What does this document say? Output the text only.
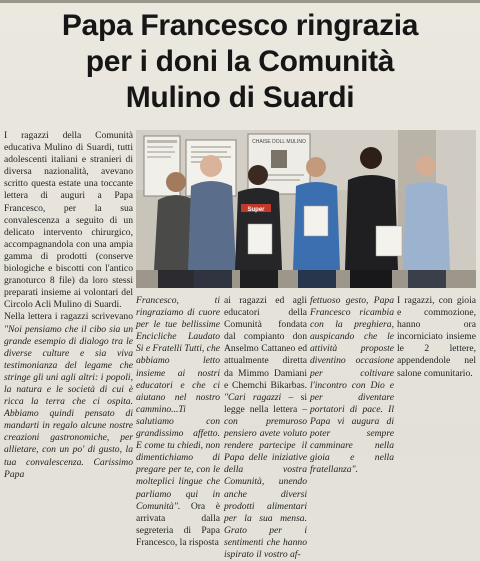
Papa Francesco ringrazia
per i doni la Comunità
Mulino di Suardi

I ragazzi della Comunità educativa Mulino di Suardi, tutti adolescenti italiani e stranieri di diversa nazionalità, avevano scritto questa estate una toccante lettera di auguri a Papa Francesco, per la sua convalescenza a seguito di un delicato intervento chirurgico, accompagnandola con una ampia gamma di prodotti (conserve biologiche e biscotti con l'antico granoturco 8 file) da loro stessi preparati insieme ai volontari del Circolo Acli Mulino di Suardi.

Nella lettera i ragazzi scrivevano "Noi pensiamo che il cibo sia un grande esempio di dialogo tra le diverse culture e sia viva testimonianza del legame che stringe gli uni agli altri: i popoli, la natura e le società di cui è ricca la terra che ci ospita. Abbiamo quindi pensato di mandarti in regalo alcune nostre creazioni gastronomiche, per allietare, con un po' di gusto, la tua convalescenza. Carissimo Papa

CHAISE DOLL MULINO
Super

Francesco, ti ringraziamo di cuore per le tue bellissime Encicliche Laudato Si e Fratelli Tutti, che abbiamo letto insieme ai nostri educatori e che ci aiutano nel nostro cammino...Ti salutiamo con grandissimo affetto. E come tu chiedi, non dimentichiamo di pregare per te, con le molteplici lingue che parliamo qui in Comunità". Ora è arrivata dalla segreteria di Papa Francesco, la risposta

ai ragazzi ed agli educatori della Comunità fondata dal compianto don Anselmo Cattaneo ed attualmente diretta da Mimmo Damiani e Chemchi Bikarbas. "Cari ragazzi – si legge nella lettera – con premuroso pensiero avete voluto rendere partecipe il Papa delle iniziative della vostra Comunità, unendo anche diversi prodotti alimentari per la sua mensa. Grato per i sentimenti che hanno ispirato il vostro af-

fettuoso gesto, Papa Francesco ricambia con la preghiera, auspicando che le attività proposte diventino occasione per coltivare l'incontro con Dio e per diventare portatori di pace. Il Papa vi augura di poter sempre camminare nella gioia e nella fratellanza".

I ragazzi, con gioia e commozione, hanno ora incorniciato insieme le 2 lettere, appendendole nel salone comunitario.
